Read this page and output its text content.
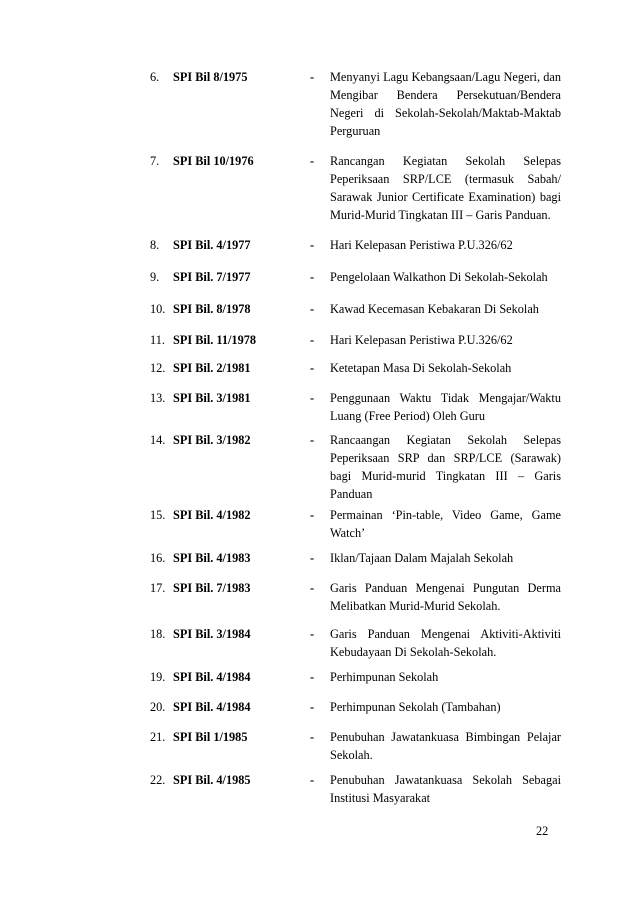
6. SPI Bil 8/1975	- Menyanyi Lagu Kebangsaan/Lagu Negeri, dan Mengibar Bendera Persekutuan/Bendera Negeri di Sekolah-Sekolah/Maktab-Maktab Perguruan
7. SPI Bil 10/1976	- Rancangan Kegiatan Sekolah Selepas Peperiksaan SRP/LCE (termasuk Sabah/ Sarawak Junior Certificate Examination) bagi Murid-Murid Tingkatan III – Garis Panduan.
8. SPI Bil. 4/1977	- Hari Kelepasan Peristiwa P.U.326/62
9. SPI Bil. 7/1977	- Pengelolaan Walkathon Di Sekolah-Sekolah
10. SPI Bil. 8/1978	- Kawad Kecemasan Kebakaran Di Sekolah
11. SPI Bil. 11/1978	- Hari Kelepasan Peristiwa P.U.326/62
12. SPI Bil. 2/1981	- Ketetapan Masa Di Sekolah-Sekolah
13. SPI Bil. 3/1981	- Penggunaan Waktu Tidak Mengajar/Waktu Luang (Free Period) Oleh Guru
14. SPI Bil. 3/1982	- Rancaangan Kegiatan Sekolah Selepas Peperiksaan SRP dan SRP/LCE (Sarawak) bagi Murid-murid Tingkatan III – Garis Panduan
15. SPI Bil. 4/1982	- Permainan ‘Pin-table, Video Game, Game Watch’
16. SPI Bil. 4/1983	- Iklan/Tajaan Dalam Majalah Sekolah
17. SPI Bil. 7/1983	- Garis Panduan Mengenai Pungutan Derma Melibatkan Murid-Murid Sekolah.
18. SPI Bil. 3/1984	- Garis Panduan Mengenai Aktiviti-Aktiviti Kebudayaan Di Sekolah-Sekolah.
19. SPI Bil. 4/1984	- Perhimpunan Sekolah
20. SPI Bil. 4/1984	- Perhimpunan Sekolah (Tambahan)
21. SPI Bil 1/1985	- Penubuhan Jawatankuasa Bimbingan Pelajar Sekolah.
22. SPI Bil. 4/1985	- Penubuhan Jawatankuasa Sekolah Sebagai Institusi Masyarakat
22
